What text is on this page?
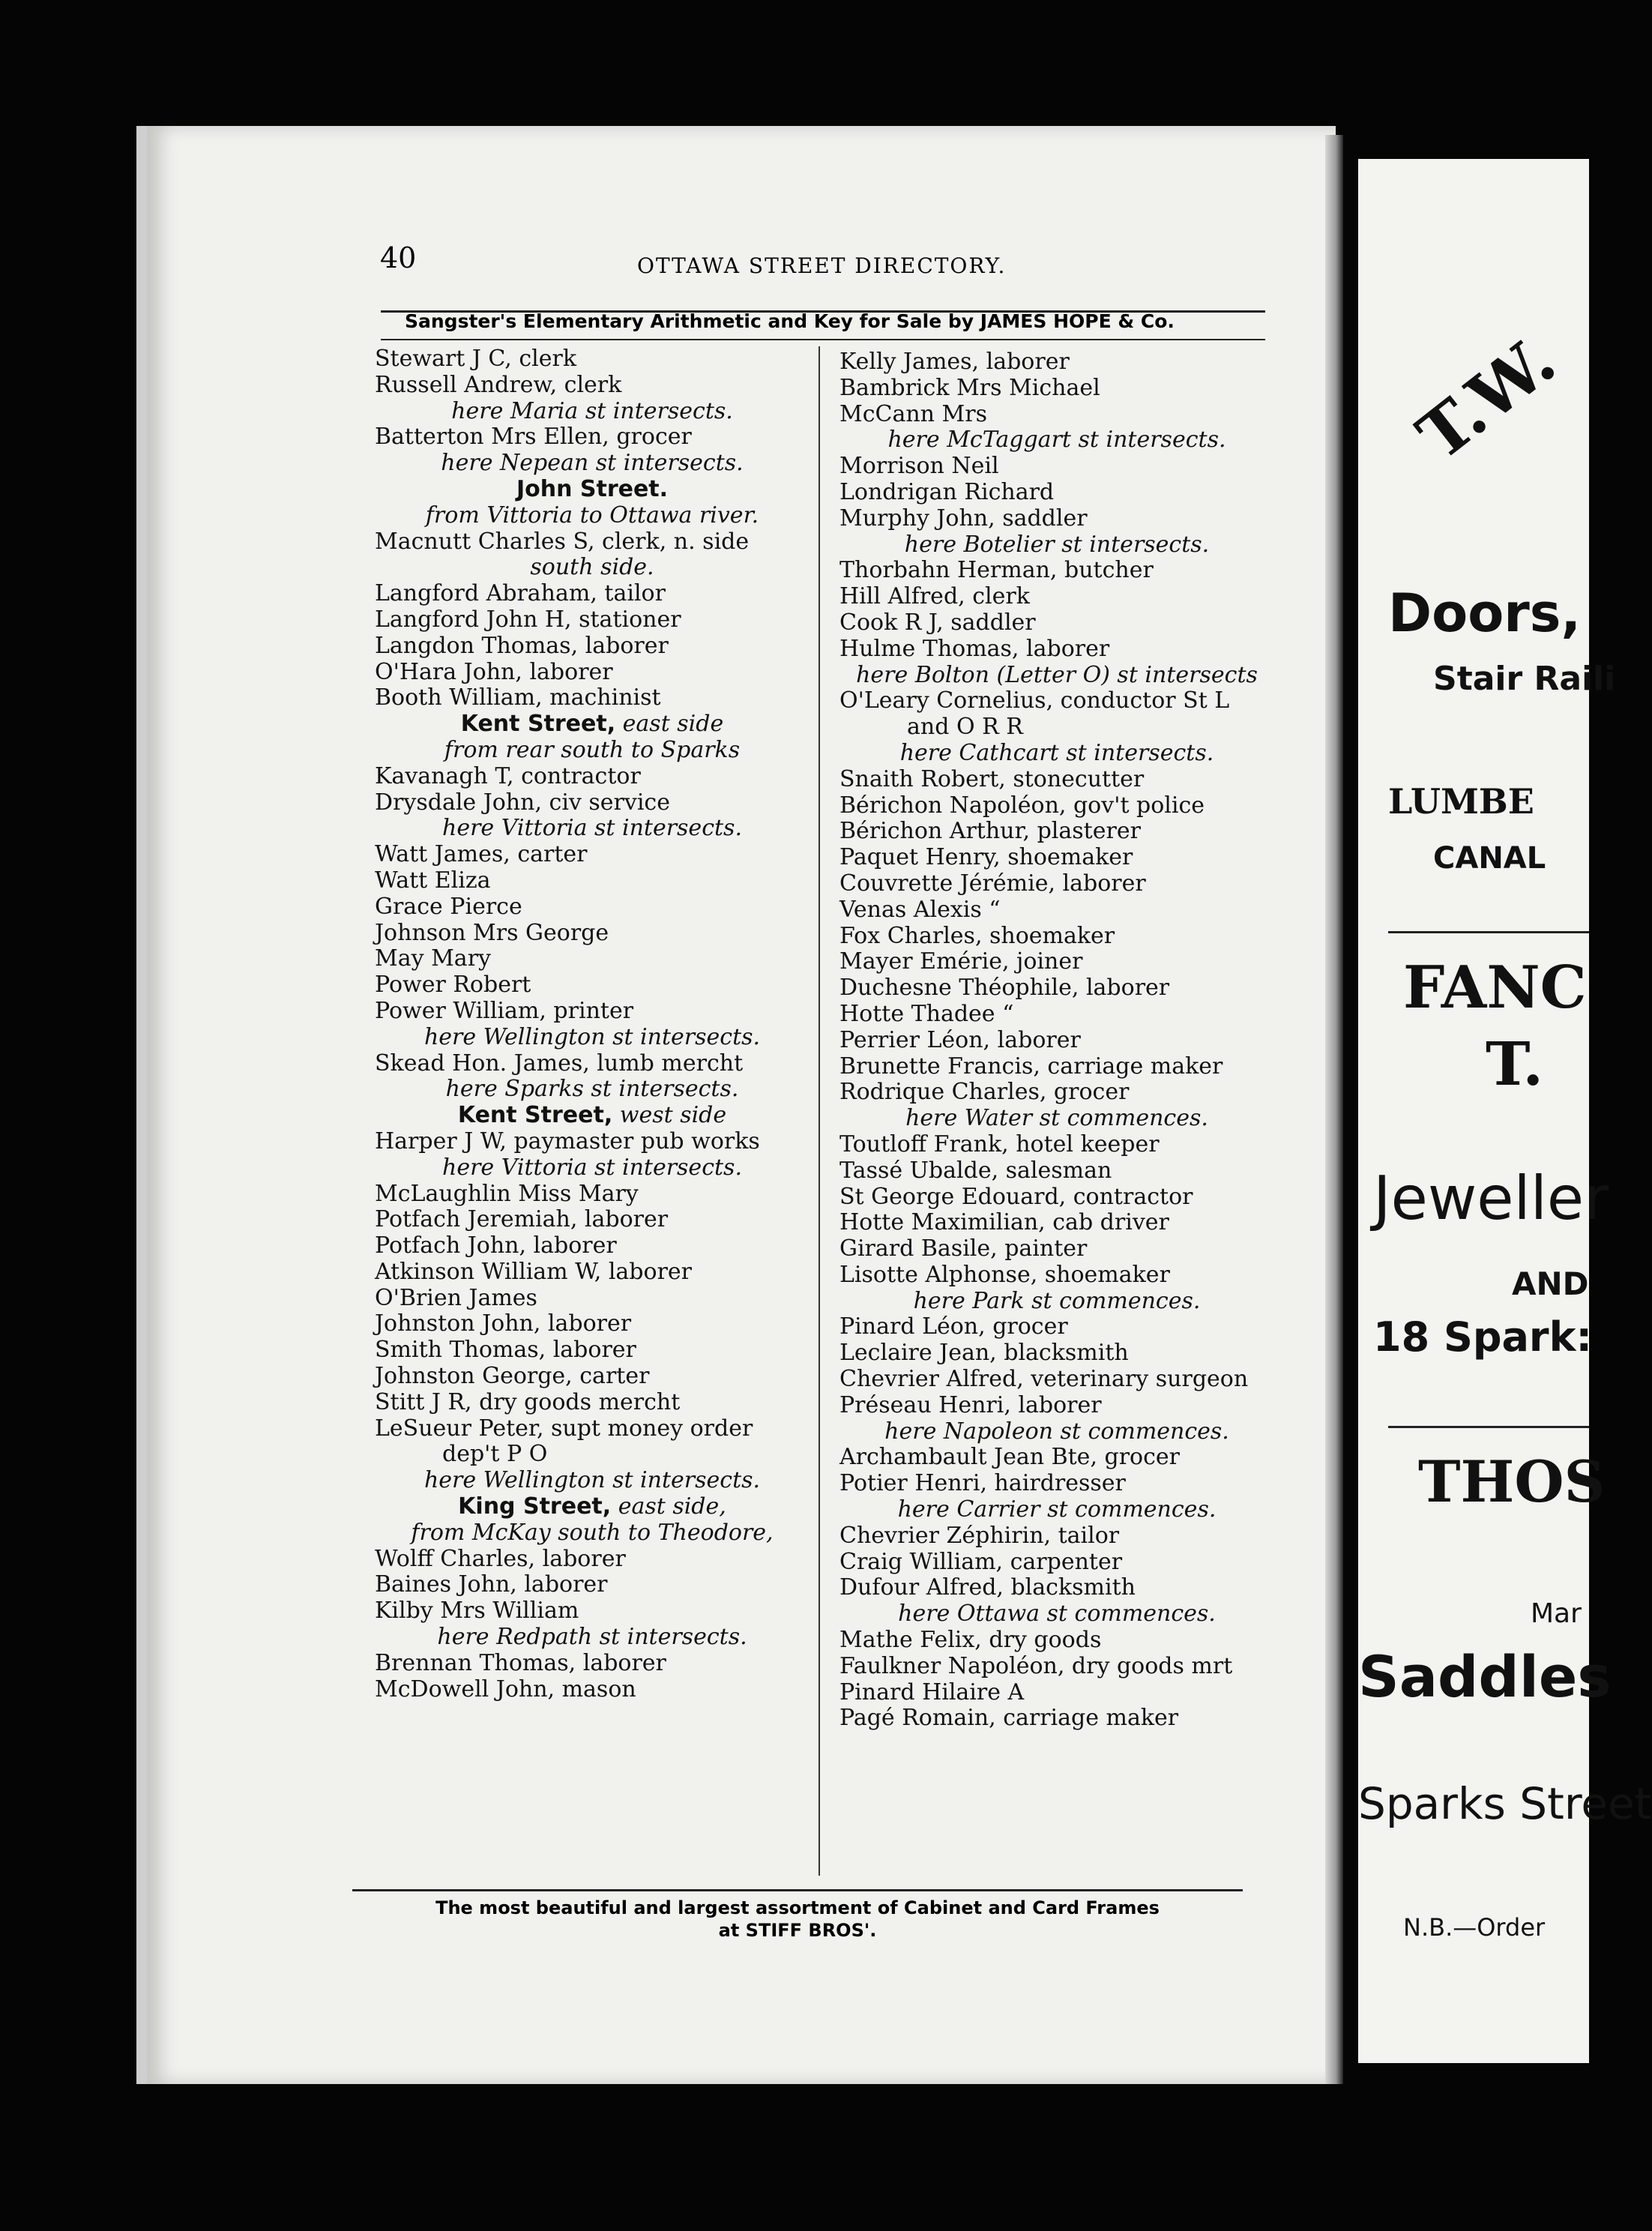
40	OTTAWA STREET DIRECTORY.
Sangster's Elementary Arithmetic and Key for Sale by JAMES HOPE & Co.
Stewart J C, clerk
Russell Andrew, clerk
here Maria st intersects.
Batterton Mrs Ellen, grocer
here Nepean st intersects.
John Street.
from Vittoria to Ottawa river.
Macnutt Charles S, clerk, n. side
south side.
Langford Abraham, tailor
Langford John H, stationer
Langdon Thomas, laborer
O'Hara John, laborer
Booth William, machinist
Kent Street, east side
from rear south to Sparks
Kavanagh T, contractor
Drysdale John, civ service
here Vittoria st intersects.
Watt James, carter
Watt Eliza
Grace Pierce
Johnson Mrs George
May Mary
Power Robert
Power William, printer
here Wellington st intersects.
Skead Hon. James, lumb mercht
here Sparks st intersects.
Kent Street, west side
Harper J W, paymaster pub works
here Vittoria st intersects.
McLaughlin Miss Mary
Potfach Jeremiah, laborer
Potfach John, laborer
Atkinson William W, laborer
O'Brien James
Johnston John, laborer
Smith Thomas, laborer
Johnston George, carter
Stitt J R, dry goods mercht
LeSueur Peter, supt money order
dep't P O
here Wellington st intersects.
King Street, east side,
from McKay south to Theodore,
Wolff Charles, laborer
Baines John, laborer
Kilby Mrs William
here Redpath st intersects.
Brennan Thomas, laborer
McDowell John, mason
Kelly James, laborer
Bambrick Mrs Michael
McCann Mrs
here McTaggart st intersects.
Morrison Neil
Londrigan Richard
Murphy John, saddler
here Botelier st intersects.
Thorbahn Herman, butcher
Hill Alfred, clerk
Cook R J, saddler
Hulme Thomas, laborer
here Bolton (Letter O) st intersects
O'Leary Cornelius, conductor St L
and O R R
here Cathcart st intersects.
Snaith Robert, stonecutter
Bérichon Napoléon, gov't police
Bérichon Arthur, plasterer
Paquet Henry, shoemaker
Couvrette Jérémie, laborer
Venas Alexis “
Fox Charles, shoemaker
Mayer Emérie, joiner
Duchesne Théophile, laborer
Hotte Thadee “
Perrier Léon, laborer
Brunette Francis, carriage maker
Rodrique Charles, grocer
here Water st commences.
Toutloff Frank, hotel keeper
Tassé Ubalde, salesman
St George Edouard, contractor
Hotte Maximilian, cab driver
Girard Basile, painter
Lisotte Alphonse, shoemaker
here Park st commences.
Pinard Léon, grocer
Leclaire Jean, blacksmith
Chevrier Alfred, veterinary surgeon
Préseau Henri, laborer
here Napoleon st commences.
Archambault Jean Bte, grocer
Potier Henri, hairdresser
here Carrier st commences.
Chevrier Zéphirin, tailor
Craig William, carpenter
Dufour Alfred, blacksmith
here Ottawa st commences.
Mathe Felix, dry goods
Faulkner Napoléon, dry goods mrt
Pinard Hilaire A
Pagé Romain, carriage maker
The most beautiful and largest assortment of Cabinet and Card Frames
at STIFF BROS'.
T.W.
Doors,
Stair Raili
LUMBE
CANAL
FANC
T.
Jeweller
AND
18 Spark:
THOS
Mar
Saddles
Sparks Street
N.B.—Order
